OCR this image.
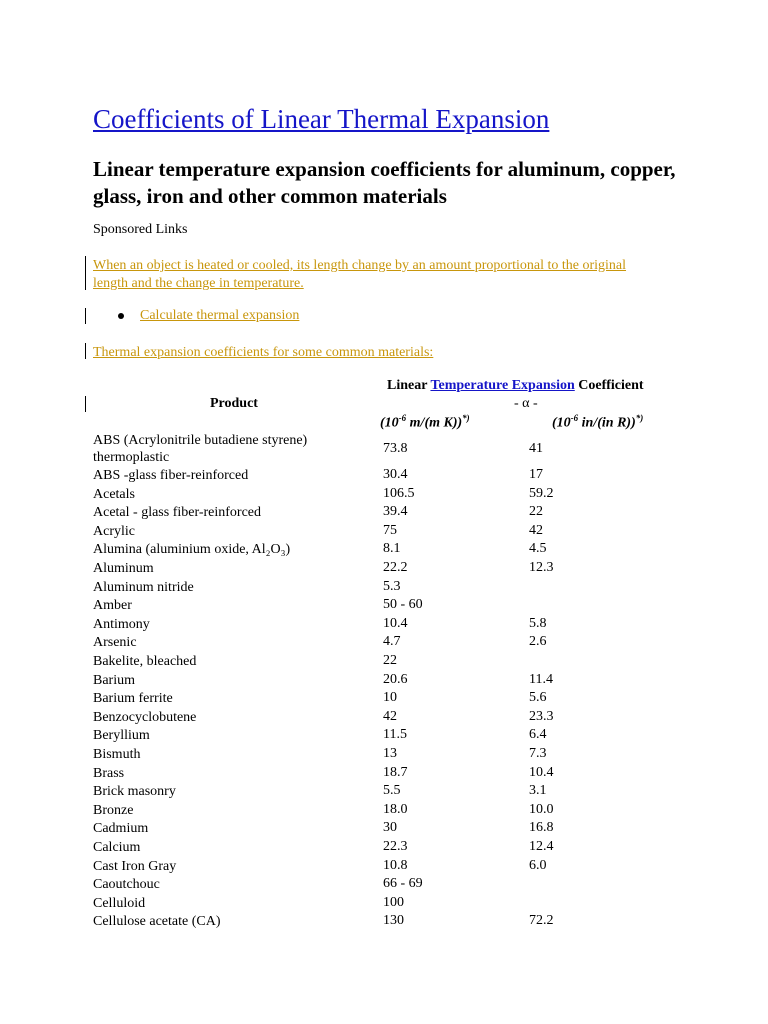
Coefficients of Linear Thermal Expansion
Linear temperature expansion coefficients for aluminum, copper, glass, iron and other common materials
Sponsored Links
When an object is heated or cooled, its length change by an amount proportional to the original length and the change in temperature.
Calculate thermal expansion
Thermal expansion coefficients for some common materials:
Product
Linear Temperature Expansion Coefficient
- α -
($10^{-6}$ m/(m K))*)	($10^{-6}$ in/(in R))*)
ABS (Acrylonitrile butadiene styrene) thermoplastic
73.8	41
ABS -glass fiber-reinforced	30.4	17
Acetals	106.5	59.2
Acetal - glass fiber-reinforced	39.4	22
Acrylic	75	42
Alumina (aluminium oxide, Al₂O₃)	8.1	4.5
Aluminum	22.2	12.3
Aluminum nitride	5.3
Amber	50 - 60
Antimony	10.4	5.8
Arsenic	4.7	2.6
Bakelite, bleached	22
Barium	20.6	11.4
Barium ferrite	10	5.6
Benzocyclobutene	42	23.3
Beryllium	11.5	6.4
Bismuth	13	7.3
Brass	18.7	10.4
Brick masonry	5.5	3.1
Bronze	18.0	10.0
Cadmium	30	16.8
Calcium	22.3	12.4
Cast Iron Gray	10.8	6.0
Caoutchouc	66 - 69
Celluloid	100
Cellulose acetate (CA)	130	72.2
